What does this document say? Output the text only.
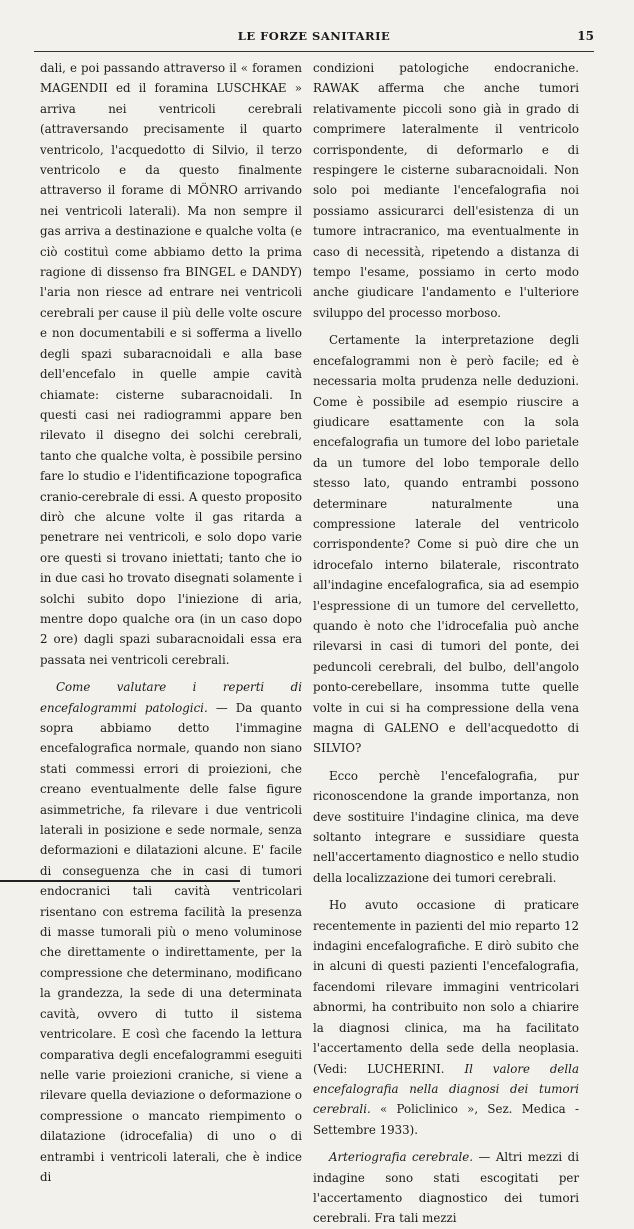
LE FORZE SANITARIE	15

dali, e poi passando attraverso il « foramen MAGENDII ed il foramina LUSCHKAE » arriva nei ventricoli cerebrali (attraversando precisamente il quarto ventricolo, l'acquedotto di Silvio, il terzo ventricolo e da questo finalmente attraverso il forame di MÖNRO arrivando nei ventricoli laterali). Ma non sempre il gas arriva a destinazione e qualche volta (e ciò costituì come abbiamo detto la prima ragione di dissenso fra BINGEL e DANDY) l'aria non riesce ad entrare nei ventricoli cerebrali per cause il più delle volte oscure e non documentabili e si sofferma a livello degli spazi subaracnoidali e alla base dell'encefalo in quelle ampie cavità chiamate: cisterne subaracnoidali. In questi casi nei radiogrammi appare ben rilevato il disegno dei solchi cerebrali, tanto che qualche volta, è possibile persino fare lo studio e l'identificazione topografica cranio-cerebrale di essi. A questo proposito dirò che alcune volte il gas ritarda a penetrare nei ventricoli, e solo dopo varie ore questi si trovano iniettati; tanto che io in due casi ho trovato disegnati solamente i solchi subito dopo l'iniezione di aria, mentre dopo qualche ora (in un caso dopo 2 ore) dagli spazi subaracnoidali essa era passata nei ventricoli cerebrali.

Come valutare i reperti di encefalogrammi patologici. — Da quanto sopra abbiamo detto l'immagine encefalografica normale, quando non siano stati commessi errori di proiezioni, che creano eventualmente delle false figure asimmetriche, fa rilevare i due ventricoli laterali in posizione e sede normale, senza deformazioni e dilatazioni alcune. E' facile di conseguenza che in casi di tumori endocranici tali cavità ventricolari risentano con estrema facilità la presenza di masse tumorali più o meno voluminose che direttamente o indirettamente, per la compressione che determinano, modificano la grandezza, la sede di una determinata cavità, ovvero di tutto il sistema ventricolare. E così che facendo la lettura comparativa degli encefalogrammi eseguiti nelle varie proiezioni craniche, si viene a rilevare quella deviazione o deformazione o compressione o mancato riempimento o dilatazione (idrocefalia) di uno o di entrambi i ventricoli laterali, che è indice di

condizioni patologiche endocraniche. RAWAK afferma che anche tumori relativamente piccoli sono già in grado di comprimere lateralmente il ventricolo corrispondente, di deformarlo e di respingere le cisterne subaracnoidali. Non solo poi mediante l'encefalografia noi possiamo assicurarci dell'esistenza di un tumore intracranico, ma eventualmente in caso di necessità, ripetendo a distanza di tempo l'esame, possiamo in certo modo anche giudicare l'andamento e l'ulteriore sviluppo del processo morboso.

Certamente la interpretazione degli encefalogrammi non è però facile; ed è necessaria molta prudenza nelle deduzioni. Come è possibile ad esempio riuscire a giudicare esattamente con la sola encefalografia un tumore del lobo parietale da un tumore del lobo temporale dello stesso lato, quando entrambi possono determinare naturalmente una compressione laterale del ventricolo corrispondente? Come si può dire che un idrocefalo interno bilaterale, riscontrato all'indagine encefalografica, sia ad esempio l'espressione di un tumore del cervelletto, quando è noto che l'idrocefalia può anche rilevarsi in casi di tumori del ponte, dei peduncoli cerebrali, del bulbo, dell'angolo ponto-cerebellare, insomma tutte quelle volte in cui si ha compressione della vena magna di GALENO e dell'acquedotto di SILVIO?

Ecco perchè l'encefalografia, pur riconoscendone la grande importanza, non deve sostituire l'indagine clinica, ma deve soltanto integrare e sussidiare questa nell'accertamento diagnostico e nello studio della localizzazione dei tumori cerebrali.

Ho avuto occasione di praticare recentemente in pazienti del mio reparto 12 indagini encefalografiche. E dirò subito che in alcuni di questi pazienti l'encefalografia, facendomi rilevare immagini ventricolari abnormi, ha contribuito non solo a chiarire la diagnosi clinica, ma ha facilitato l'accertamento della sede della neoplasia. (Vedi: LUCHERINI. Il valore della encefalografia nella diagnosi dei tumori cerebrali. « Policlinico », Sez. Medica - Settembre 1933).

Arteriografia cerebrale. — Altri mezzi di indagine sono stati escogitati per l'accertamento diagnostico dei tumori cerebrali. Fra tali mezzi
